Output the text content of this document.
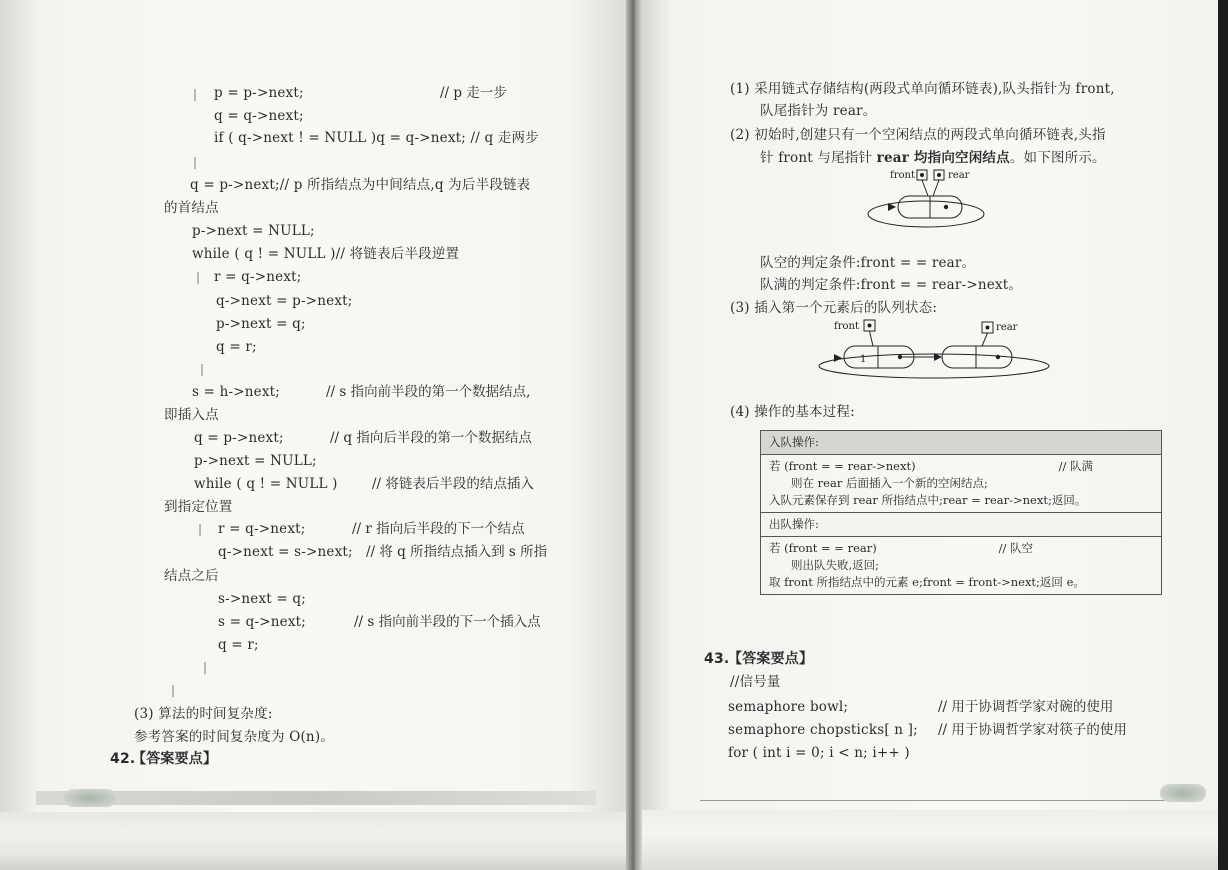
| p = p->next;	// p 走一步
q = q->next;
if ( q->next ! = NULL )q = q->next; // q 走两步
|
q = p->next;// p 所指结点为中间结点,q 为后半段链表
的首结点
p->next = NULL;
while ( q ! = NULL )// 将链表后半段逆置
| r = q->next;
q->next = p->next;
p->next = q;
q = r;
|
s = h->next;	// s 指向前半段的第一个数据结点,
即插入点
q = p->next;	// q 指向后半段的第一个数据结点
p->next = NULL;
while ( q ! = NULL )	// 将链表后半段的结点插入
到指定位置
| r = q->next;	// r 指向后半段的下一个结点
q->next = s->next; // 将 q 所指结点插入到 s 所指
结点之后
s->next = q;
s = q->next;	// s 指向前半段的下一个插入点
q = r;
|
|
(3) 算法的时间复杂度:
参考答案的时间复杂度为 O(n)。
42.
【答案要点】
(1) 采用链式存储结构(两段式单向循环链表),队头指针为 front,
队尾指针为 rear。
(2) 初始时,创建只有一个空闲结点的两段式单向循环链表,头指
针 front 与尾指针 rear 均指向空闲结点。如下图所示。
front	rear
队空的判定条件:front = = rear。
队满的判定条件:front = = rear->next。
(3) 插入第一个元素后的队列状态:
front	rear
1
(4) 操作的基本过程:
入队操作:

若 (front = = rear->next)	// 队满
则在 rear 后面插入一个新的空闲结点;
入队元素保存到 rear 所指结点中;rear = rear->next;返回。

出队操作:

若 (front = = rear)	// 队空
则出队失败,返回;
取 front 所指结点中的元素 e;front = front->next;返回 e。
43.
【答案要点】
//信号量
semaphore bowl;	// 用于协调哲学家对碗的使用
semaphore chopsticks[ n ]; // 用于协调哲学家对筷子的使用
for ( int i = 0; i < n; i++ )
